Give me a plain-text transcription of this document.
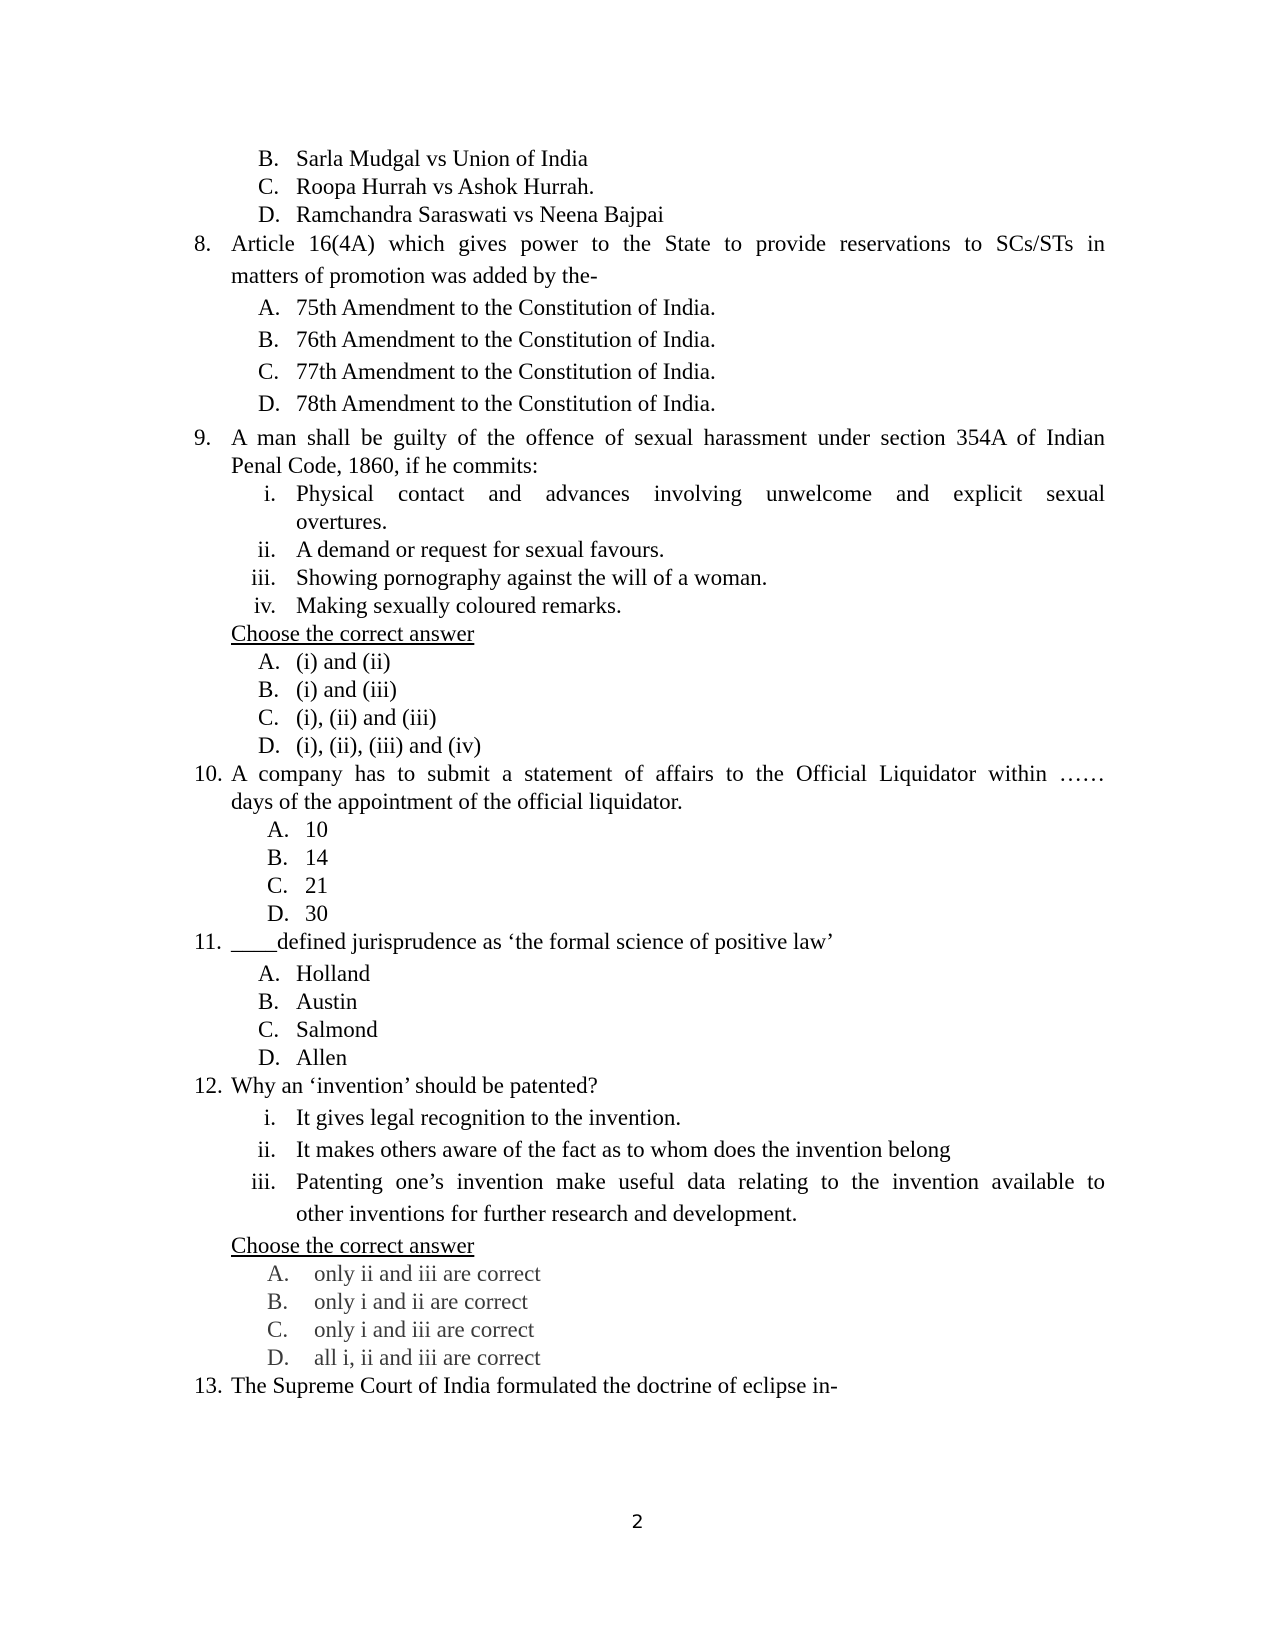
B. Sarla Mudgal vs Union of India
C. Roopa Hurrah vs Ashok Hurrah.
D. Ramchandra Saraswati vs Neena Bajpai
8. Article 16(4A) which gives power to the State to provide reservations to SCs/STs in
matters of promotion was added by the-
A. 75th Amendment to the Constitution of India.
B. 76th Amendment to the Constitution of India.
C. 77th Amendment to the Constitution of India.
D. 78th Amendment to the Constitution of India.
9. A man shall be guilty of the offence of sexual harassment under section 354A of Indian
Penal Code, 1860, if he commits:
i. Physical contact and advances involving unwelcome and explicit sexual
overtures.
ii. A demand or request for sexual favours.
iii. Showing pornography against the will of a woman.
iv. Making sexually coloured remarks.
Choose the correct answer
A. (i) and (ii)
B. (i) and (iii)
C. (i), (ii) and (iii)
D. (i), (ii), (iii) and (iv)
10. A company has to submit a statement of affairs to the Official Liquidator within ……
days of the appointment of the official liquidator.
A. 10
B. 14
C. 21
D. 30
11. ____defined jurisprudence as ‘the formal science of positive law’
A. Holland
B. Austin
C. Salmond
D. Allen
12. Why an ‘invention’ should be patented?
i. It gives legal recognition to the invention.
ii. It makes others aware of the fact as to whom does the invention belong
iii. Patenting one’s invention make useful data relating to the invention available to
other inventions for further research and development.
Choose the correct answer
A. only ii and iii are correct
B. only i and ii are correct
C. only i and iii are correct
D. all i, ii and iii are correct
13. The Supreme Court of India formulated the doctrine of eclipse in-
2
